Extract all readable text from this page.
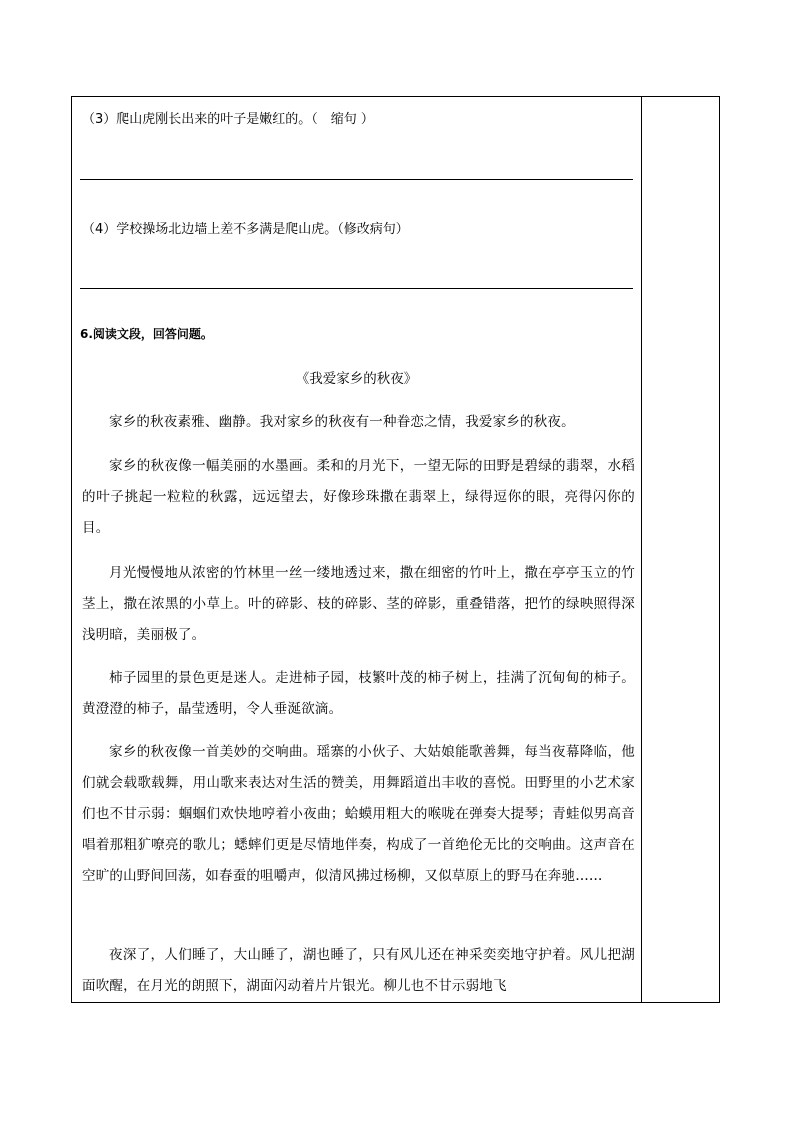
（3）爬山虎刚长出来的叶子是嫩红的。（　缩句 ）
（4）学校操场北边墙上差不多满是爬山虎。（修改病句）
6.阅读文段，回答问题。
《我爱家乡的秋夜》
家乡的秋夜素雅、幽静。我对家乡的秋夜有一种眷恋之情，我爱家乡的秋夜。
家乡的秋夜像一幅美丽的水墨画。柔和的月光下，一望无际的田野是碧绿的翡翠，水稻的叶子挑起一粒粒的秋露，远远望去，好像珍珠撒在翡翠上，绿得逗你的眼，亮得闪你的目。
月光慢慢地从浓密的竹林里一丝一缕地透过来，撒在细密的竹叶上，撒在亭亭玉立的竹茎上，撒在浓黑的小草上。叶的碎影、枝的碎影、茎的碎影，重叠错落，把竹的绿映照得深浅明暗，美丽极了。
柿子园里的景色更是迷人。走进柿子园，枝繁叶茂的柿子树上，挂满了沉甸甸的柿子。黄澄澄的柿子，晶莹透明，令人垂涎欲滴。
家乡的秋夜像一首美妙的交响曲。瑶寨的小伙子、大姑娘能歌善舞，每当夜幕降临，他们就会载歌载舞，用山歌来表达对生活的赞美，用舞蹈道出丰收的喜悦。田野里的小艺术家们也不甘示弱：蝈蝈们欢快地哼着小夜曲；蛤蟆用粗大的喉咙在弹奏大提琴；青蛙似男高音唱着那粗犷嘹亮的歌儿；蟋蟀们更是尽情地伴奏，构成了一首绝伦无比的交响曲。这声音在空旷的山野间回荡，如春蚕的咀嚼声，似清风拂过杨柳，又似草原上的野马在奔驰……
夜深了，人们睡了，大山睡了，湖也睡了，只有风儿还在神采奕奕地守护着。风儿把湖面吹醒，在月光的朗照下，湖面闪动着片片银光。柳儿也不甘示弱地飞
